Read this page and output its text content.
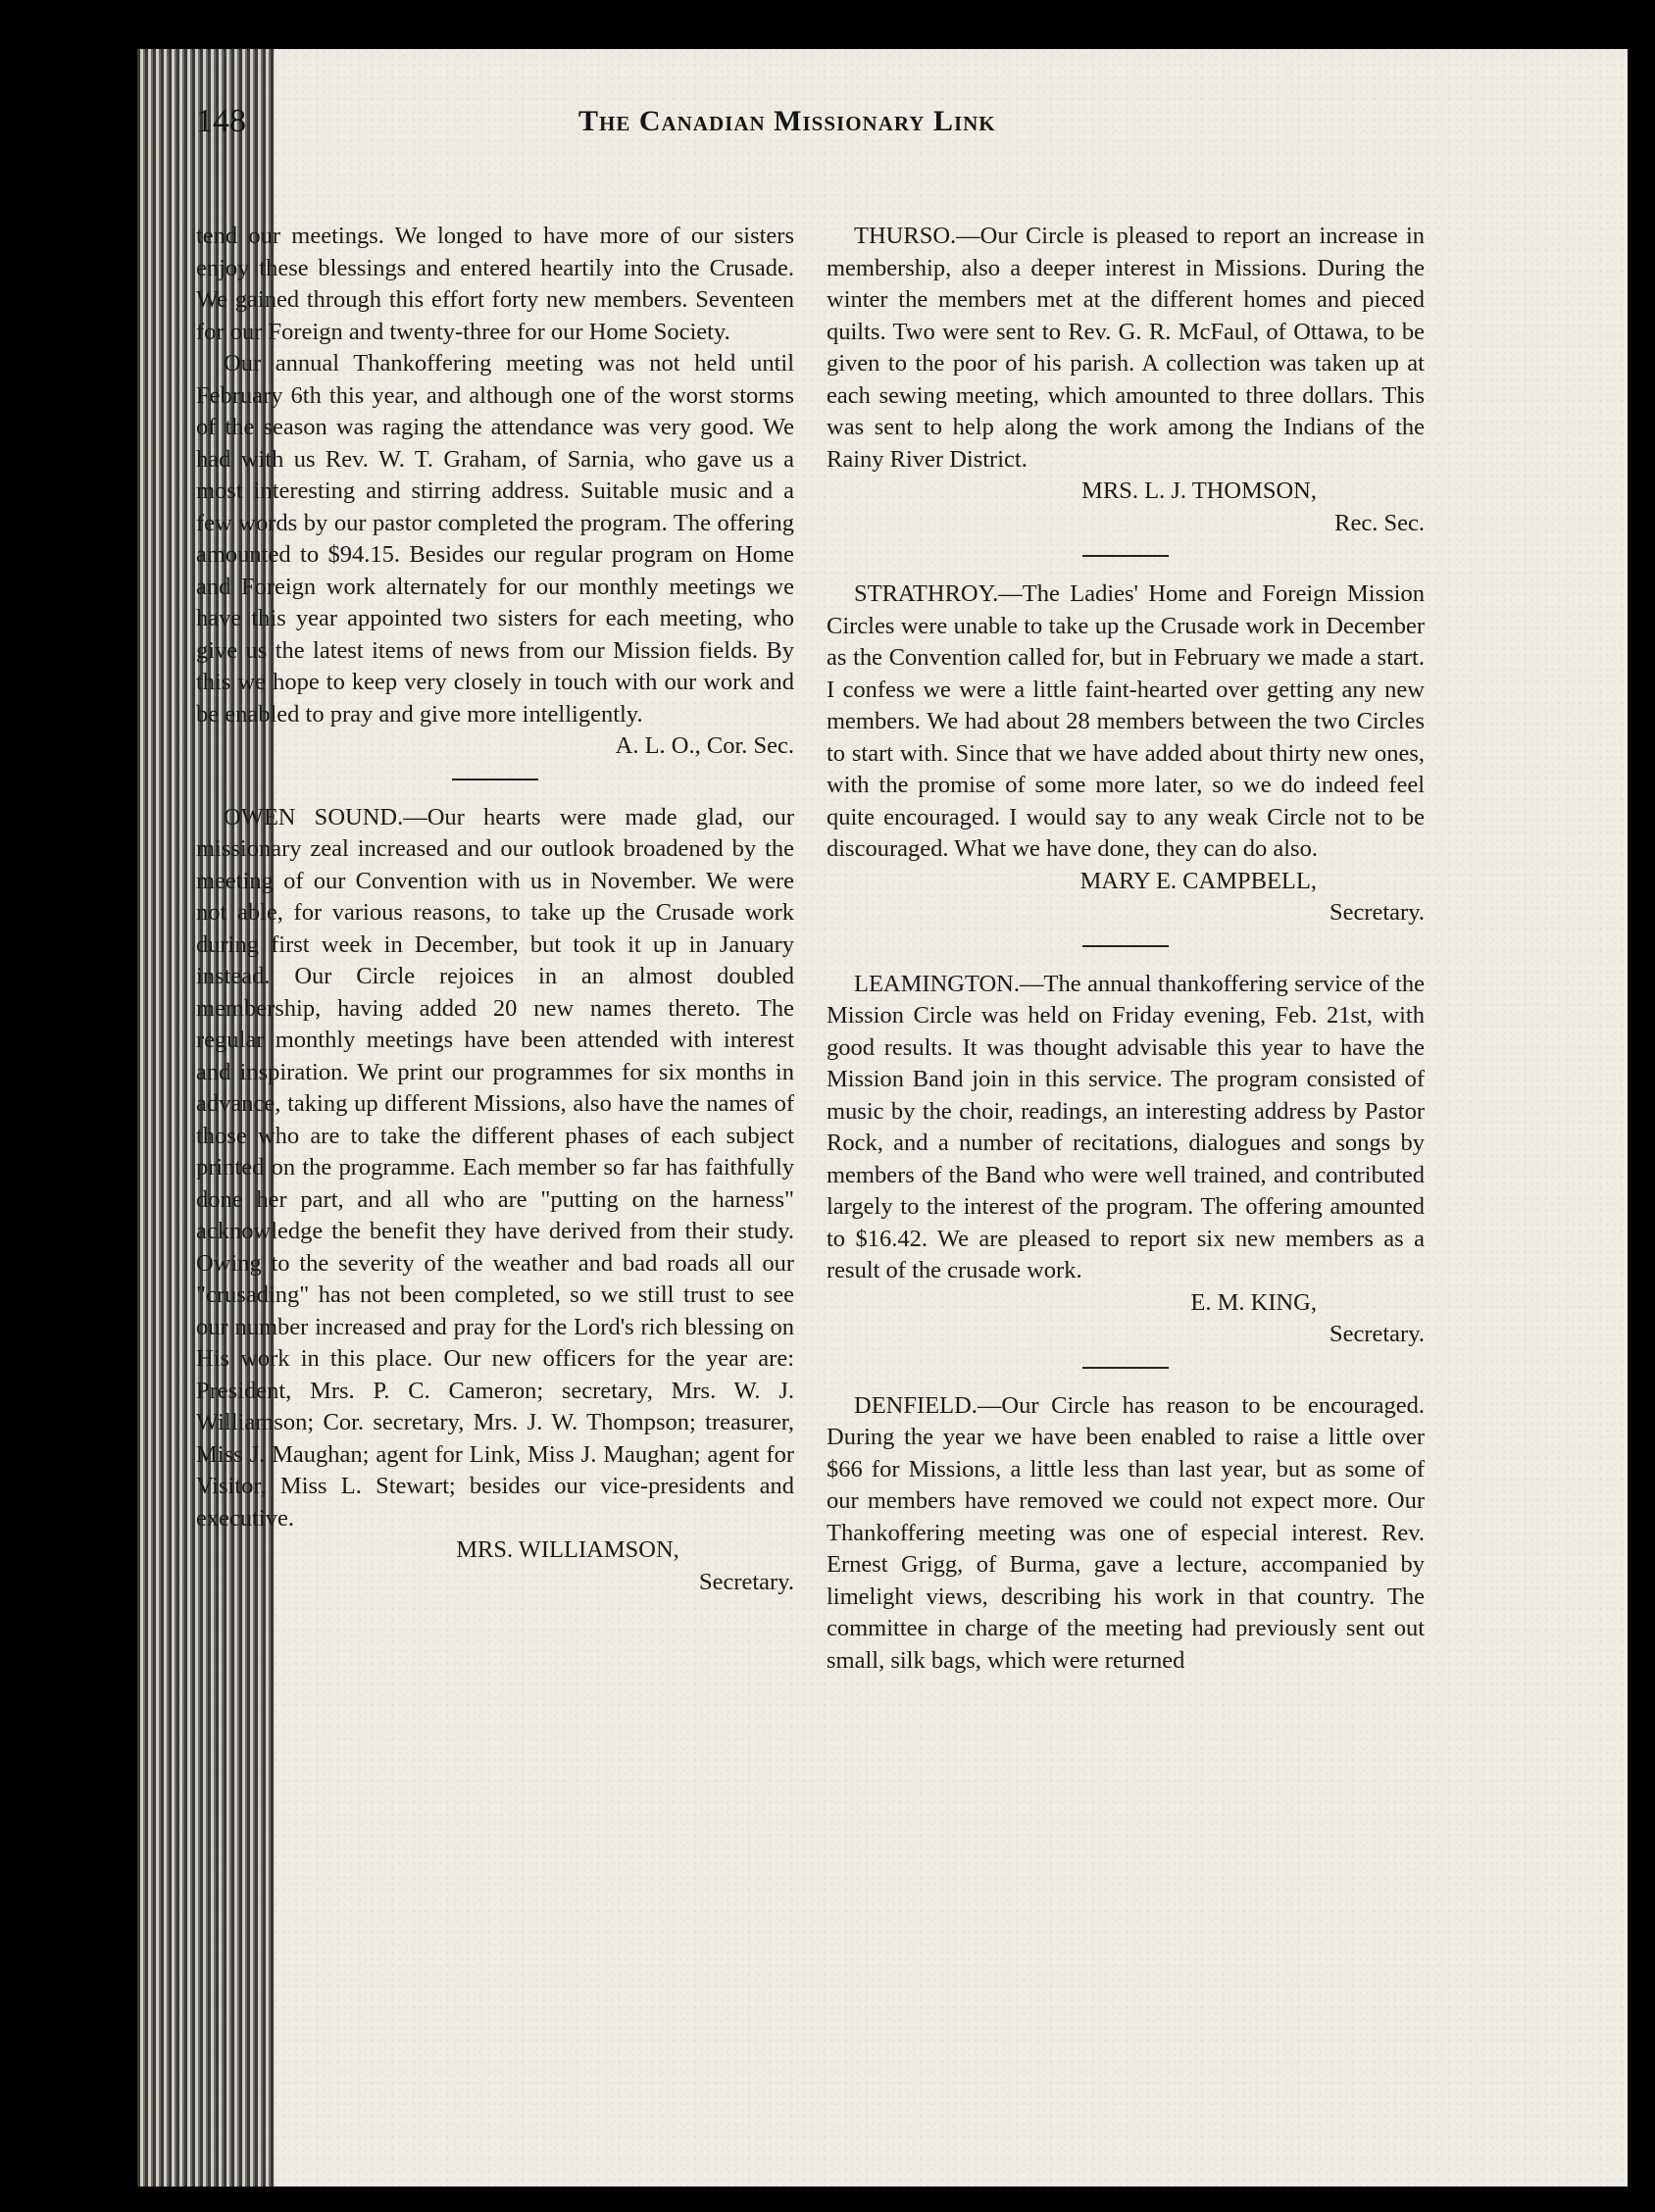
148	The Canadian Missionary Link

tend our meetings. We longed to have more of our sisters enjoy these blessings and entered heartily into the Crusade. We gained through this effort forty new members. Seventeen for our Foreign and twenty-three for our Home Society.

Our annual Thankoffering meeting was not held until February 6th this year, and although one of the worst storms of the season was raging the attendance was very good. We had with us Rev. W. T. Graham, of Sarnia, who gave us a most interesting and stirring address. Suitable music and a few words by our pastor completed the program. The offering amounted to $94.15. Besides our regular program on Home and Foreign work alternately for our monthly meetings we have this year appointed two sisters for each meeting, who give us the latest items of news from our Mission fields. By this we hope to keep very closely in touch with our work and be enabled to pray and give more intelligently.

A. L. O., Cor. Sec.

OWEN SOUND.—Our hearts were made glad, our missionary zeal increased and our outlook broadened by the meeting of our Convention with us in November. We were not able, for various reasons, to take up the Crusade work during first week in December, but took it up in January instead. Our Circle rejoices in an almost doubled membership, having added 20 new names thereto. The regular monthly meetings have been attended with interest and inspiration. We print our programmes for six months in advance, taking up different Missions, also have the names of those who are to take the different phases of each subject printed on the programme. Each member so far has faithfully done her part, and all who are "putting on the harness" acknowledge the benefit they have derived from their study. Owing to the severity of the weather and bad roads all our "crusading" has not been completed, so we still trust to see our number increased and pray for the Lord's rich blessing on His work in this place. Our new officers for the year are: President, Mrs. P. C. Cameron; secretary, Mrs. W. J. Williamson; Cor. secretary, Mrs. J. W. Thompson; treasurer, Miss J. Maughan; agent for Link, Miss J. Maughan; agent for Visitor, Miss L. Stewart; besides our vice-presidents and executive.

MRS. WILLIAMSON,

Secretary.

THURSO.—Our Circle is pleased to report an increase in membership, also a deeper interest in Missions. During the winter the members met at the different homes and pieced quilts. Two were sent to Rev. G. R. McFaul, of Ottawa, to be given to the poor of his parish. A collection was taken up at each sewing meeting, which amounted to three dollars. This was sent to help along the work among the Indians of the Rainy River District.

MRS. L. J. THOMSON,

Rec. Sec.

STRATHROY.—The Ladies' Home and Foreign Mission Circles were unable to take up the Crusade work in December as the Convention called for, but in February we made a start. I confess we were a little faint-hearted over getting any new members. We had about 28 members between the two Circles to start with. Since that we have added about thirty new ones, with the promise of some more later, so we do indeed feel quite encouraged. I would say to any weak Circle not to be discouraged. What we have done, they can do also.

MARY E. CAMPBELL,

Secretary.

LEAMINGTON.—The annual thankoffering service of the Mission Circle was held on Friday evening, Feb. 21st, with good results. It was thought advisable this year to have the Mission Band join in this service. The program consisted of music by the choir, readings, an interesting address by Pastor Rock, and a number of recitations, dialogues and songs by members of the Band who were well trained, and contributed largely to the interest of the program. The offering amounted to $16.42. We are pleased to report six new members as a result of the crusade work.

E. M. KING,

Secretary.

DENFIELD.—Our Circle has reason to be encouraged. During the year we have been enabled to raise a little over $66 for Missions, a little less than last year, but as some of our members have removed we could not expect more. Our Thankoffering meeting was one of especial interest. Rev. Ernest Grigg, of Burma, gave a lecture, accompanied by limelight views, describing his work in that country. The committee in charge of the meeting had previously sent out small, silk bags, which were returned
